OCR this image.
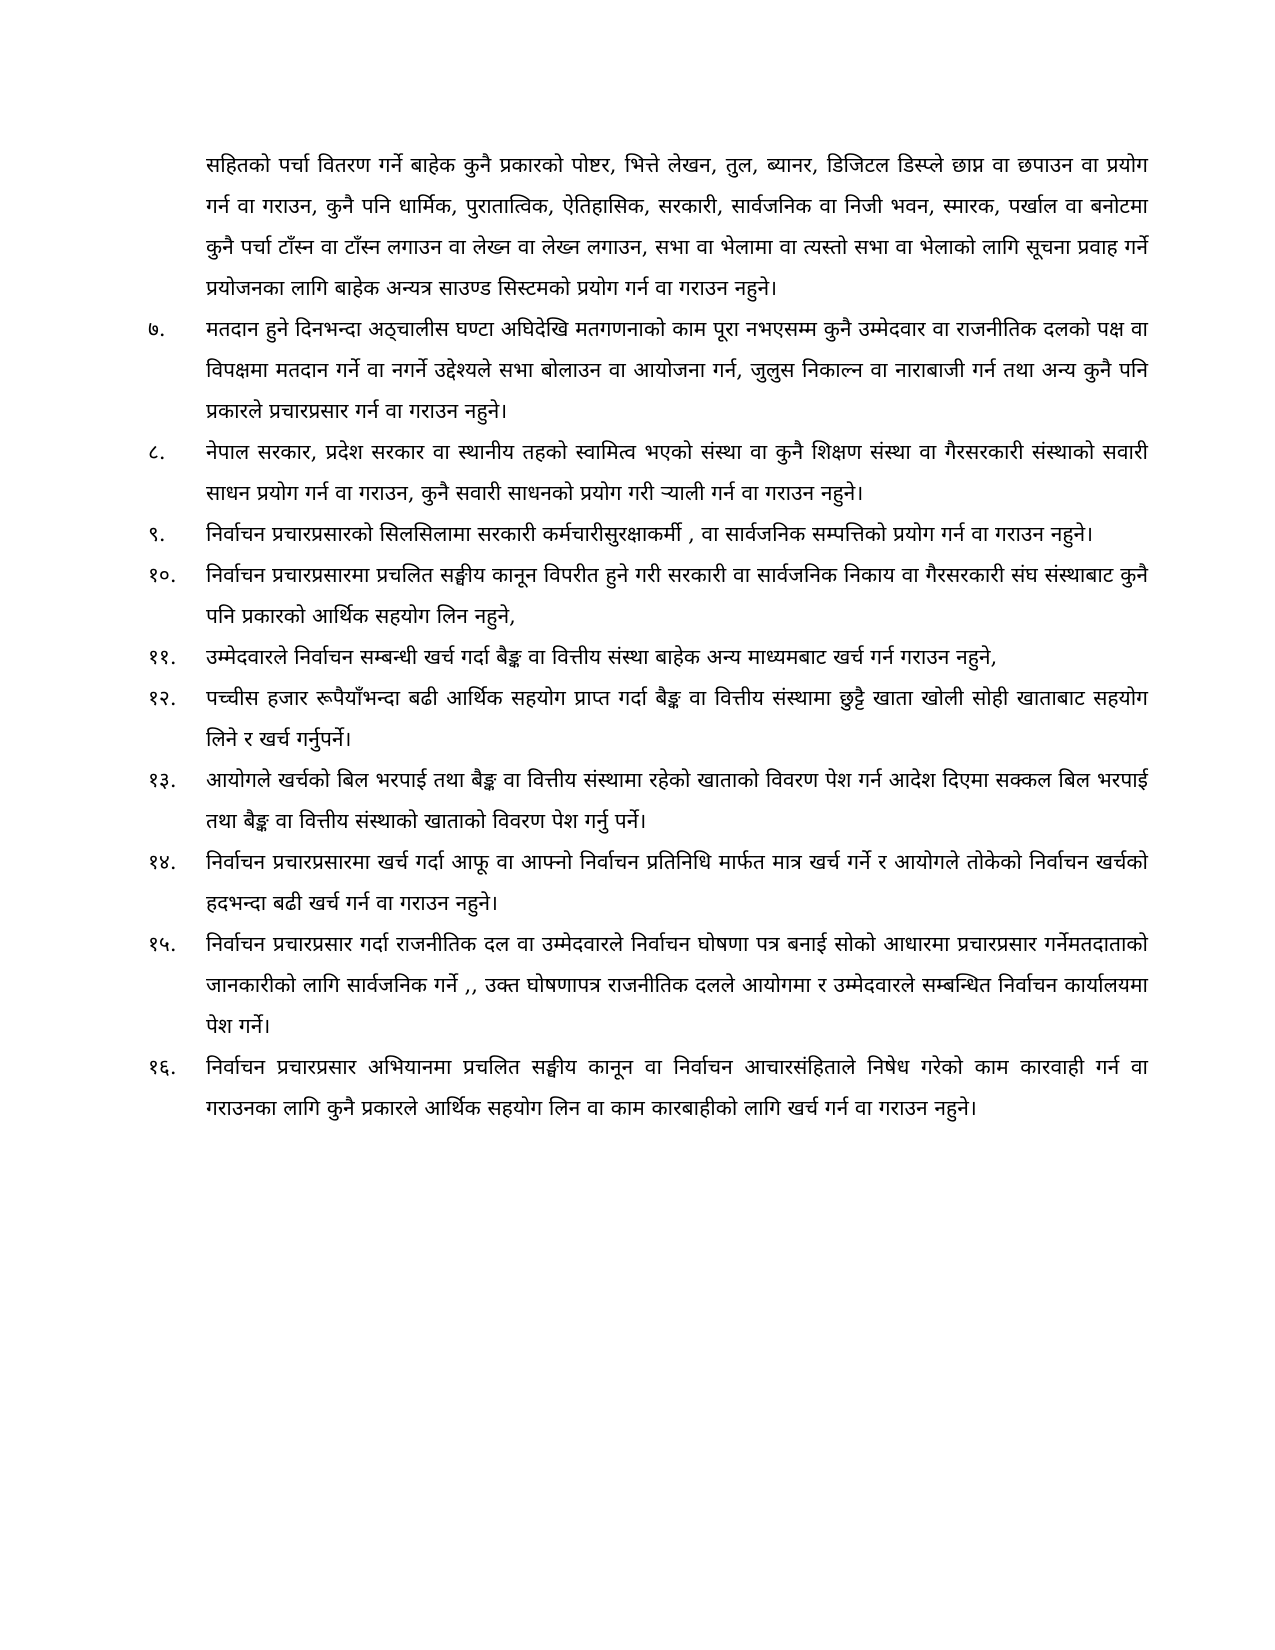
सहितको पर्चा वितरण गर्ने बाहेक कुनै प्रकारको पोष्टर, भित्ते लेखन, तुल, ब्यानर, डिजिटल डिस्प्ले छाप्न वा छपाउन वा प्रयोग गर्न वा गराउन, कुनै पनि धार्मिक, पुरातात्विक, ऐतिहासिक, सरकारी, सार्वजनिक वा निजी भवन, स्मारक, पर्खाल वा बनोटमा कुनै पर्चा टाँस्न वा टाँस्न लगाउन वा लेख्न वा लेख्न लगाउन, सभा वा भेलामा वा त्यस्तो सभा वा भेलाको लागि सूचना प्रवाह गर्ने प्रयोजनका लागि बाहेक अन्यत्र साउण्ड सिस्टमको प्रयोग गर्न वा गराउन नहुने।
७.	मतदान हुने दिनभन्दा अठ्चालीस घण्टा अघिदेखि मतगणनाको काम पूरा नभएसम्म कुनै उम्मेदवार वा राजनीतिक दलको पक्ष वा विपक्षमा मतदान गर्ने वा नगर्ने उद्देश्यले सभा बोलाउन वा आयोजना गर्न, जुलुस निकाल्न वा नाराबाजी गर्न तथा अन्य कुनै पनि प्रकारले प्रचारप्रसार गर्न वा गराउन नहुने।
८.	नेपाल सरकार, प्रदेश सरकार वा स्थानीय तहको स्वामित्व भएको संस्था वा कुनै शिक्षण संस्था वा गैरसरकारी संस्थाको सवारी साधन प्रयोग गर्न वा गराउन, कुनै सवारी साधनको प्रयोग गरी ऱ्याली गर्न वा गराउन नहुने।
९.	निर्वाचन प्रचारप्रसारको सिलसिलामा सरकारी कर्मचारीसुरक्षाकर्मी , वा सार्वजनिक सम्पत्तिको प्रयोग गर्न वा गराउन नहुने।
१०.	निर्वाचन प्रचारप्रसारमा प्रचलित सङ्घीय कानून विपरीत हुने गरी सरकारी वा सार्वजनिक निकाय वा गैरसरकारी संघ संस्थाबाट कुनै पनि प्रकारको आर्थिक सहयोग लिन नहुने,
११.	उम्मेदवारले निर्वाचन सम्बन्धी खर्च गर्दा बैङ्क वा वित्तीय संस्था बाहेक अन्य माध्यमबाट खर्च गर्न गराउन नहुने,
१२.	पच्चीस हजार रूपैयाँभन्दा बढी आर्थिक सहयोग प्राप्त गर्दा बैङ्क वा वित्तीय संस्थामा छुट्टै खाता खोली सोही खाताबाट सहयोग लिने र खर्च गर्नुपर्ने।
१३.	आयोगले खर्चको बिल भरपाई तथा बैङ्क वा वित्तीय संस्थामा रहेको खाताको विवरण पेश गर्न आदेश दिएमा सक्कल बिल भरपाई तथा बैङ्क वा वित्तीय संस्थाको खाताको विवरण पेश गर्नु पर्ने।
१४.	निर्वाचन प्रचारप्रसारमा खर्च गर्दा आफू वा आफ्नो निर्वाचन प्रतिनिधि मार्फत मात्र खर्च गर्ने र आयोगले तोकेको निर्वाचन खर्चको हदभन्दा बढी खर्च गर्न वा गराउन नहुने।
१५.	निर्वाचन प्रचारप्रसार गर्दा राजनीतिक दल वा उम्मेदवारले निर्वाचन घोषणा पत्र बनाई सोको आधारमा प्रचारप्रसार गर्नेमतदाताको जानकारीको लागि सार्वजनिक गर्ने ,, उक्त घोषणापत्र राजनीतिक दलले आयोगमा र उम्मेदवारले सम्बन्धित निर्वाचन कार्यालयमा पेश गर्ने।
१६.	निर्वाचन प्रचारप्रसार अभियानमा प्रचलित सङ्घीय कानून वा निर्वाचन आचारसंहिताले निषेध गरेको काम कारवाही गर्न वा गराउनका लागि कुनै प्रकारले आर्थिक सहयोग लिन वा काम कारबाहीको लागि खर्च गर्न वा गराउन नहुने।
